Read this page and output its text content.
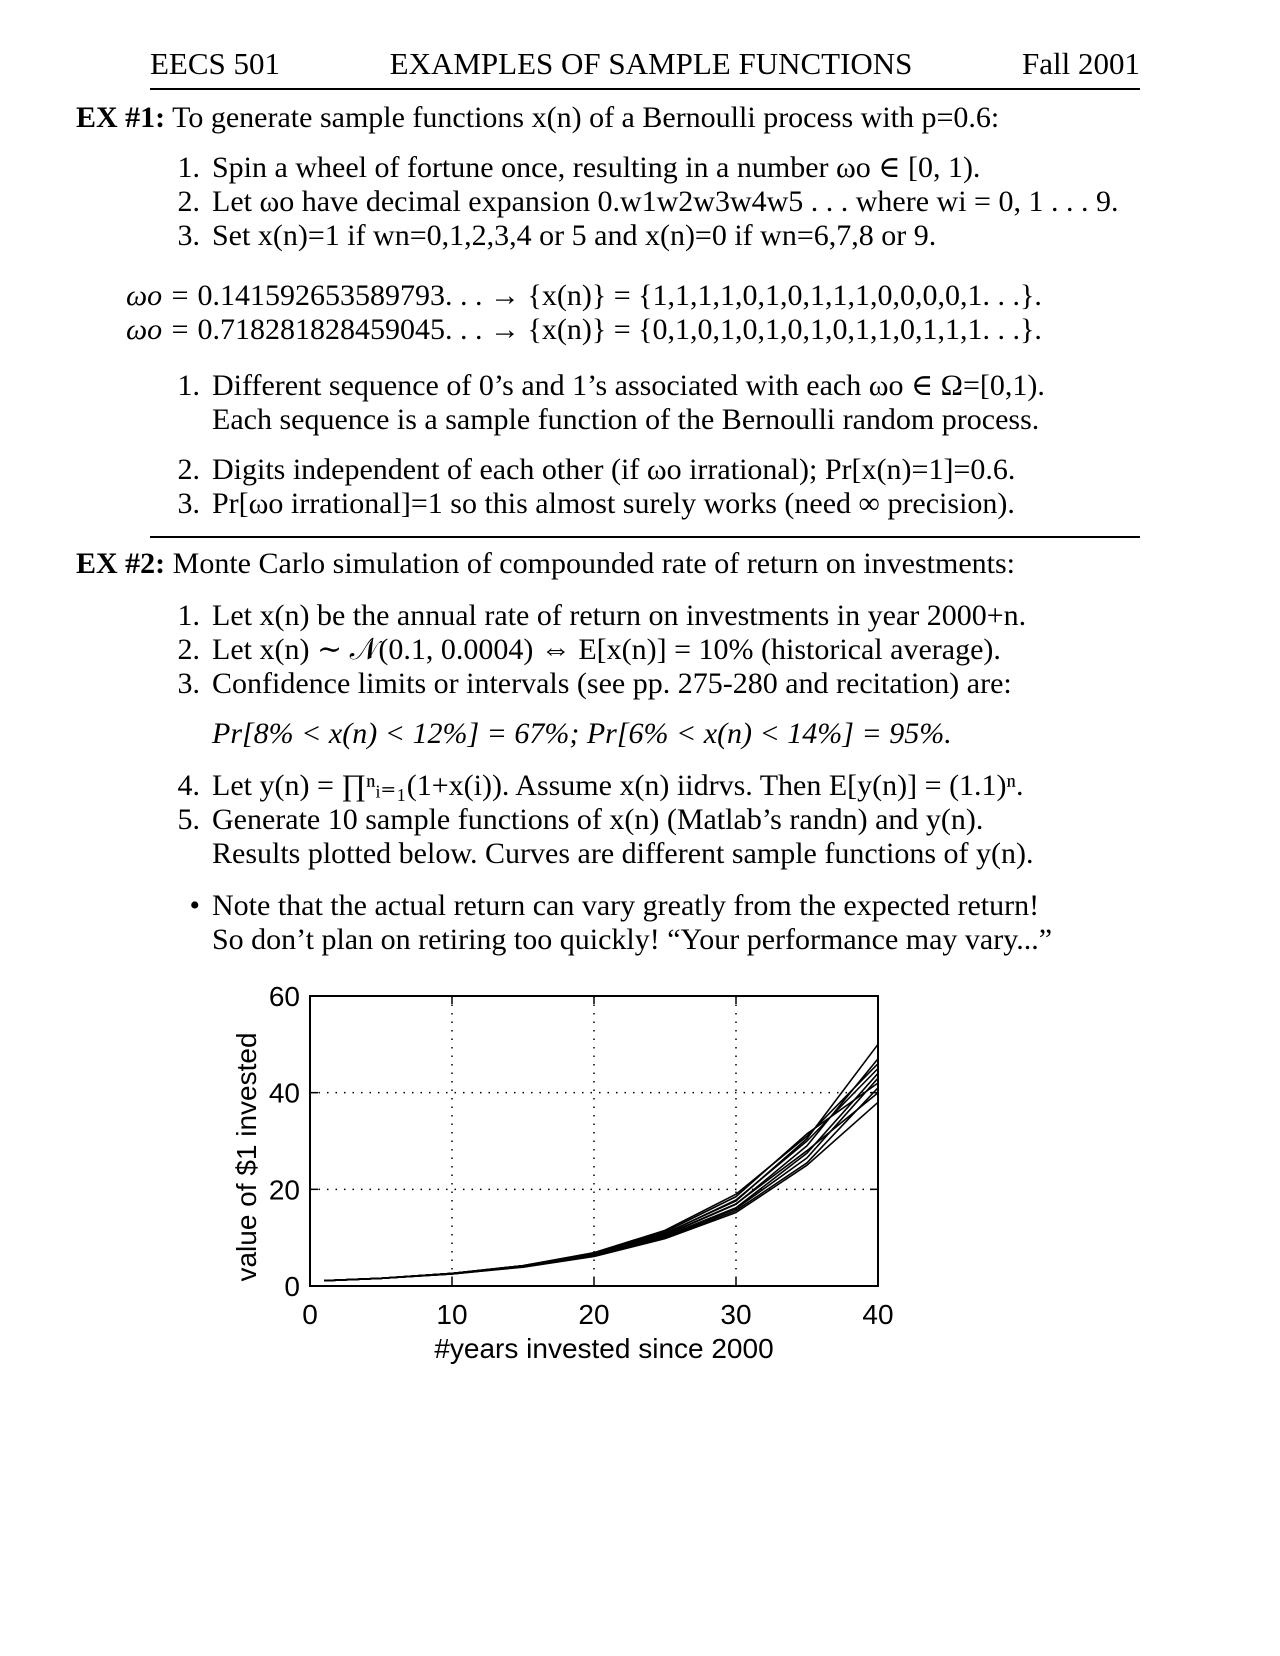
EECS 501	EXAMPLES OF SAMPLE FUNCTIONS	Fall 2001
EX #1: To generate sample functions x(n) of a Bernoulli process with p=0.6:
1. Spin a wheel of fortune once, resulting in a number ωo ∈ [0, 1).
2. Let ωo have decimal expansion 0.w1w2w3w4w5 . . . where wi = 0, 1 . . . 9.
3. Set x(n)=1 if wn=0,1,2,3,4 or 5 and x(n)=0 if wn=6,7,8 or 9.
ωo = 0.141592653589793. . . → {x(n)} = {1,1,1,1,0,1,0,1,1,1,0,0,0,0,1. . .}.
ωo = 0.718281828459045. . . → {x(n)} = {0,1,0,1,0,1,0,1,0,1,1,0,1,1,1. . .}.
1. Different sequence of 0’s and 1’s associated with each ωo ∈ Ω=[0,1).
Each sequence is a sample function of the Bernoulli random process.
2. Digits independent of each other (if ωo irrational); Pr[x(n)=1]=0.6.
3. Pr[ωo irrational]=1 so this almost surely works (need ∞ precision).
EX #2: Monte Carlo simulation of compounded rate of return on investments:
1. Let x(n) be the annual rate of return on investments in year 2000+n.
2. Let x(n) ∼ 𝒩(0.1, 0.0004) ⇔ E[x(n)] = 10% (historical average).
3. Confidence limits or intervals (see pp. 275-280 and recitation) are:
Pr[8% < x(n) < 12%] = 67%; Pr[6% < x(n) < 14%] = 95%.
4. Let y(n) = ∏ⁿᵢ₌₁(1+x(i)). Assume x(n) iidrvs. Then E[y(n)] = (1.1)ⁿ.
5. Generate 10 sample functions of x(n) (Matlab’s randn) and y(n).
Results plotted below. Curves are different sample functions of y(n).
• Note that the actual return can vary greatly from the expected return!
So don’t plan on retiring too quickly! “Your performance may vary...”
0	10	20	30	40
0
20
40
60
#years invested since 2000
value of $1 invested
